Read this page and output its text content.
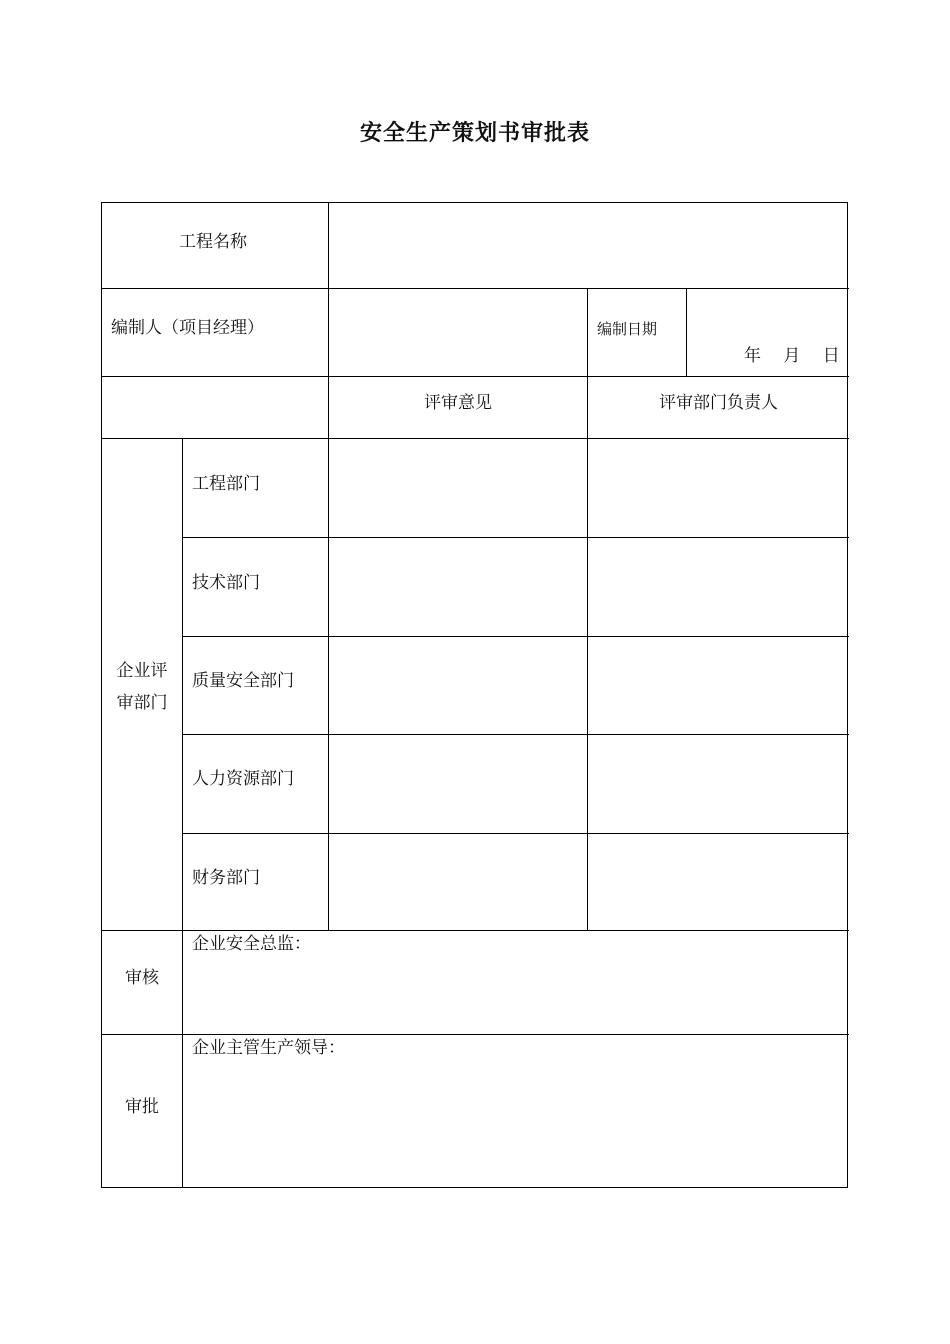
安全生产策划书审批表
工程名称
编制人（项目经理）	编制日期
年　 月　 日
评审意见	评审部门负责人
企业评
审部门
工程部门
技术部门
质量安全部门
人力资源部门
财务部门
审核
企业安全总监：
审批
企业主管生产领导：
